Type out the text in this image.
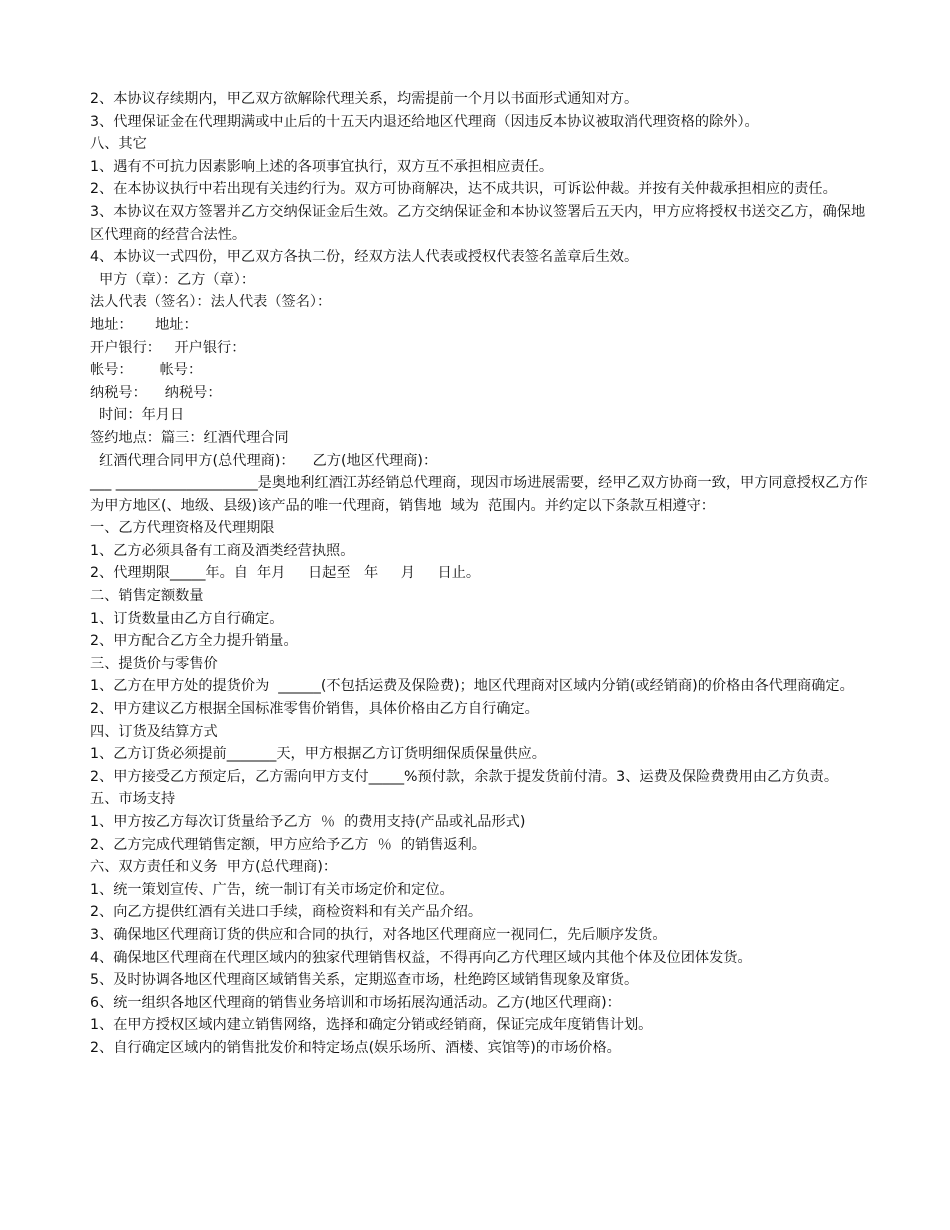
2、本协议存续期内，甲乙双方欲解除代理关系，均需提前一个月以书面形式通知对方。

3、代理保证金在代理期满或中止后的十五天内退还给地区代理商（因违反本协议被取消代理资格的除外）。

八、其它

1、遇有不可抗力因素影响上述的各项事宜执行，双方互不承担相应责任。

2、在本协议执行中若出现有关违约行为。双方可协商解决，达不成共识，可诉讼仲裁。并按有关仲裁承担相应的责任。

3、本协议在双方签署并乙方交纳保证金后生效。乙方交纳保证金和本协议签署后五天内，甲方应将授权书送交乙方，确保地区代理商的经营合法性。

4、本协议一式四份，甲乙双方各执二份，经双方法人代表或授权代表签名盖章后生效。

甲方（章）：乙方（章）：

法人代表（签名）：法人代表（签名）：

地址：     地址：

开户银行：   开户银行：

帐号：      帐号：

纳税号：    纳税号：

时间：年月日

签约地点：篇三：红酒代理合同

红酒代理合同甲方(总代理商)：    乙方(地区代理商)：

___ ____________________是奥地利红酒江苏经销总代理商，现因市场进展需要，经甲乙双方协商一致，甲方同意授权乙方作为甲方地区(、地级、县级)该产品的唯一代理商，销售地  域为  范围内。并约定以下条款互相遵守：

一、乙方代理资格及代理期限

1、乙方必须具备有工商及酒类经营执照。

2、代理期限_____年。自  年月     日起至   年     月     日止。

二、销售定额数量

1、订货数量由乙方自行确定。

2、甲方配合乙方全力提升销量。

三、提货价与零售价

1、乙方在甲方处的提货价为  ______(不包括运费及保险费)；地区代理商对区域内分销(或经销商)的价格由各代理商确定。

2、甲方建议乙方根据全国标准零售价销售，具体价格由乙方自行确定。

四、订货及结算方式

1、乙方订货必须提前_______天，甲方根据乙方订货明细保质保量供应。

2、甲方接受乙方预定后，乙方需向甲方支付_____%预付款，余款于提发货前付清。3、运费及保险费费用由乙方负责。

五、市场支持

1、甲方按乙方每次订货量给予乙方  ％  的费用支持(产品或礼品形式)

2、乙方完成代理销售定额，甲方应给予乙方  ％  的销售返利。

六、双方责任和义务  甲方(总代理商)：

1、统一策划宣传、广告，统一制订有关市场定价和定位。

2、向乙方提供红酒有关进口手续，商检资料和有关产品介绍。

3、确保地区代理商订货的供应和合同的执行，对各地区代理商应一视同仁，先后顺序发货。

4、确保地区代理商在代理区域内的独家代理销售权益，不得再向乙方代理区域内其他个体及位团体发货。

5、及时协调各地区代理商区域销售关系，定期巡查市场，杜绝跨区域销售现象及窜货。

6、统一组织各地区代理商的销售业务培训和市场拓展沟通活动。乙方(地区代理商)：

1、在甲方授权区域内建立销售网络，选择和确定分销或经销商，保证完成年度销售计划。

2、自行确定区域内的销售批发价和特定场点(娱乐场所、酒楼、宾馆等)的市场价格。
